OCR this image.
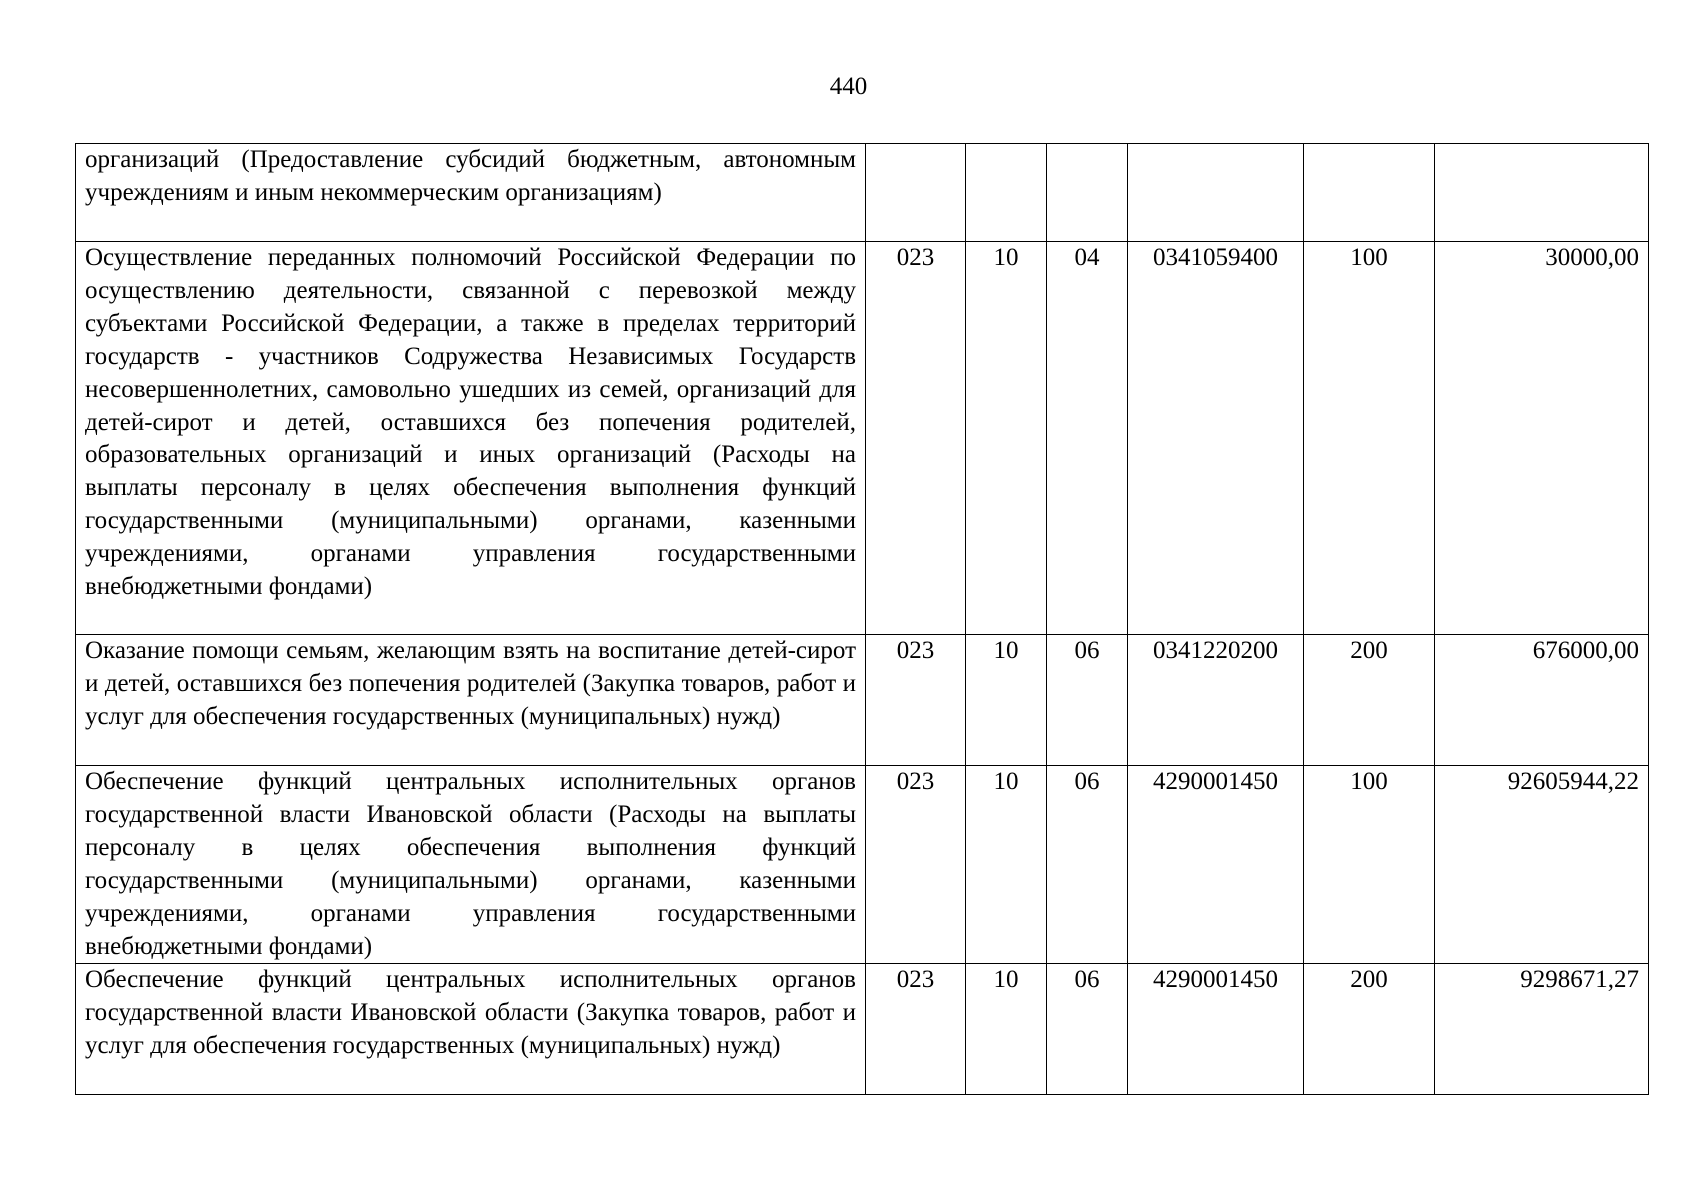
440
организаций (Предоставление субсидий бюджетным, автономным учреждениям и иным некоммерческим организациям)						
Осуществление переданных полномочий Российской Федерации по осуществлению деятельности, связанной с перевозкой между субъектами Российской Федерации, а также в пределах территорий государств - участников Содружества Независимых Государств несовершеннолетних, самовольно ушедших из семей, организаций для детей-сирот и детей, оставшихся без попечения родителей, образовательных организаций и иных организаций (Расходы на выплаты персоналу в целях обеспечения выполнения функций государственными (муниципальными) органами, казенными учреждениями, органами управления государственными внебюджетными фондами)	023	10	04	0341059400	100	30000,00
Оказание помощи семьям, желающим взять на воспитание детей-сирот и детей, оставшихся без попечения родителей (Закупка товаров, работ и услуг для обеспечения государственных (муниципальных) нужд)	023	10	06	0341220200	200	676000,00
Обеспечение функций центральных исполнительных органов государственной власти Ивановской области (Расходы на выплаты персоналу в целях обеспечения выполнения функций государственными (муниципальными) органами, казенными учреждениями, органами управления государственными внебюджетными фондами)	023	10	06	4290001450	100	92605944,22
Обеспечение функций центральных исполнительных органов государственной власти Ивановской области (Закупка товаров, работ и услуг для обеспечения государственных (муниципальных) нужд)	023	10	06	4290001450	200	9298671,27
